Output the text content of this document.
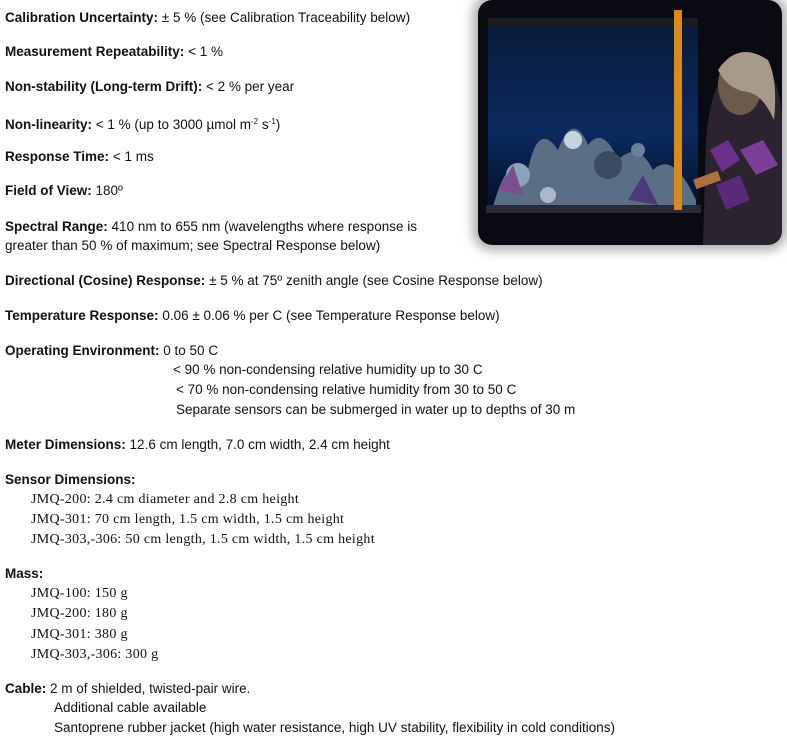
Calibration Uncertainty: ± 5 % (see Calibration Traceability below)
Measurement Repeatability: < 1 %
Non-stability (Long-term Drift): < 2 % per year
Non-linearity: < 1 % (up to 3000 µmol $m^{-2}$ $s^{-1}$)
Response Time: < 1 ms
Field of View: 180º
Spectral Range: 410 nm to 655 nm (wavelengths where response is
greater than 50 % of maximum; see Spectral Response below)
Directional (Cosine) Response: ± 5 % at 75º zenith angle (see Cosine Response below)
Temperature Response: 0.06 ± 0.06 % per C (see Temperature Response below)
Operating Environment: 0 to 50 C
< 90 % non-condensing relative humidity up to 30 C
< 70 % non-condensing relative humidity from 30 to 50 C
Separate sensors can be submerged in water up to depths of 30 m
Meter Dimensions: 12.6 cm length, 7.0 cm width, 2.4 cm height
Sensor Dimensions:
JMQ-200: 2.4 cm diameter and 2.8 cm height
JMQ-301: 70 cm length, 1.5 cm width, 1.5 cm height
JMQ-303,-306: 50 cm length, 1.5 cm width, 1.5 cm height
Mass:
JMQ-100: 150 g
JMQ-200: 180 g
JMQ-301: 380 g
JMQ-303,-306: 300 g
Cable: 2 m of shielded, twisted-pair wire.
Additional cable available
Santoprene rubber jacket (high water resistance, high UV stability, flexibility in cold conditions)
